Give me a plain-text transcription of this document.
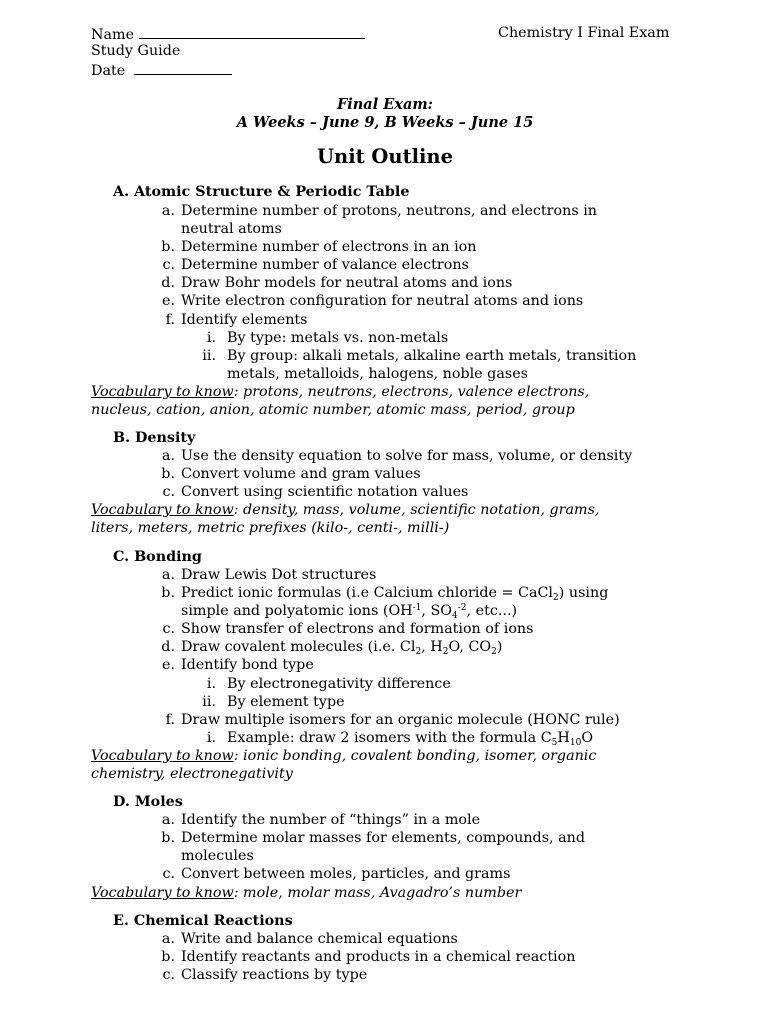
Name	Chemistry I Final Exam
Study Guide
Date
Final Exam:
A Weeks – June 9, B Weeks – June 15
Unit Outline
A. Atomic Structure & Periodic Table
a. Determine number of protons, neutrons, and electrons in
neutral atoms
b. Determine number of electrons in an ion
c. Determine number of valance electrons
d. Draw Bohr models for neutral atoms and ions
e. Write electron configuration for neutral atoms and ions
f. Identify elements
i. By type: metals vs. non-metals
ii. By group: alkali metals, alkaline earth metals, transition
metals, metalloids, halogens, noble gases
Vocabulary to know: protons, neutrons, electrons, valence electrons,
nucleus, cation, anion, atomic number, atomic mass, period, group
B. Density
a. Use the density equation to solve for mass, volume, or density
b. Convert volume and gram values
c. Convert using scientific notation values
Vocabulary to know: density, mass, volume, scientific notation, grams,
liters, meters, metric prefixes (kilo-, centi-, milli-)
C. Bonding
a. Draw Lewis Dot structures
b. Predict ionic formulas (i.e Calcium chloride = CaCl$_2$) using
simple and polyatomic ions ($OH^{-1}$, $SO_4^{-2}$, etc...)
c. Show transfer of electrons and formation of ions
d. Draw covalent molecules (i.e. $Cl_2$, $H_2O$, $CO_2$)
e. Identify bond type
i. By electronegativity difference
ii. By element type
f. Draw multiple isomers for an organic molecule (HONC rule)
i. Example: draw 2 isomers with the formula $C_5H_{10}O$
Vocabulary to know: ionic bonding, covalent bonding, isomer, organic
chemistry, electronegativity
D. Moles
a. Identify the number of “things” in a mole
b. Determine molar masses for elements, compounds, and
molecules
c. Convert between moles, particles, and grams
Vocabulary to know: mole, molar mass, Avagadro’s number
E. Chemical Reactions
a. Write and balance chemical equations
b. Identify reactants and products in a chemical reaction
c. Classify reactions by type
